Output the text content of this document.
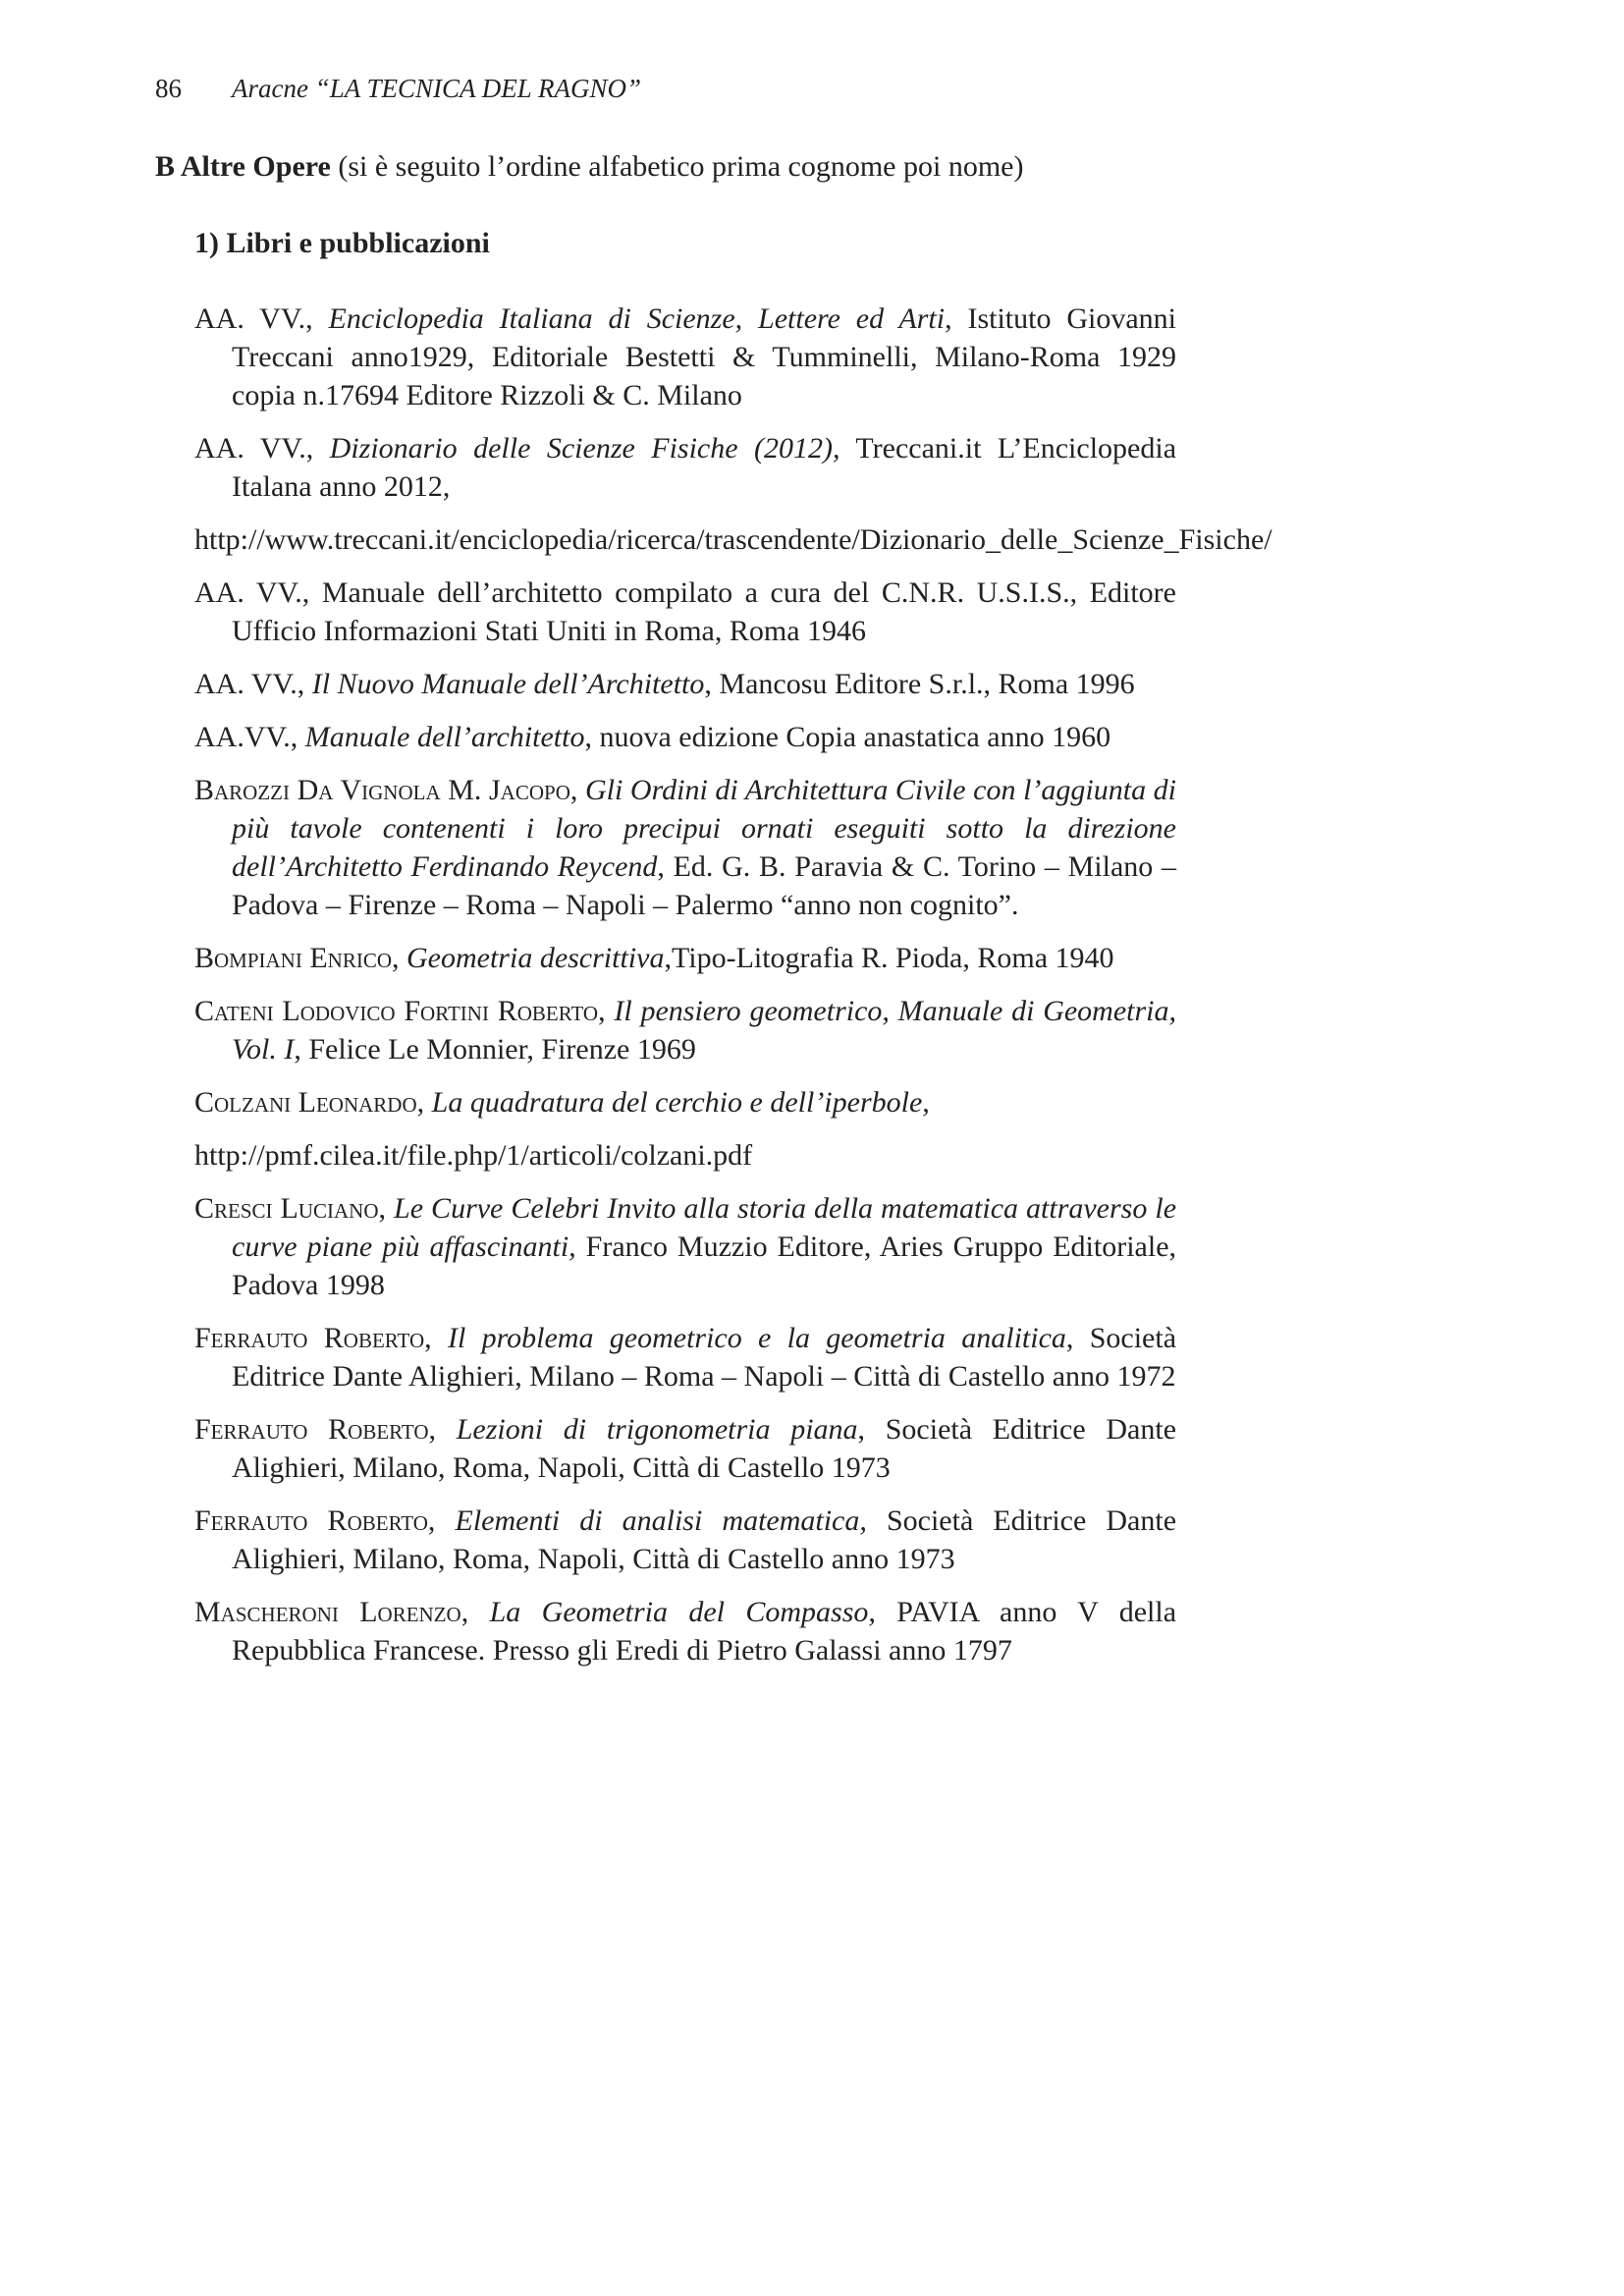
86 Aracne “LA TECNICA DEL RAGNO”
B Altre Opere (si è seguito l’ordine alfabetico prima cognome poi nome)
1) Libri e pubblicazioni
AA. VV., Enciclopedia Italiana di Scienze, Lettere ed Arti, Istituto Giovanni Treccani anno1929, Editoriale Bestetti & Tumminelli, Milano-Roma 1929 copia n.17694 Editore Rizzoli & C. Milano
AA. VV., Dizionario delle Scienze Fisiche (2012), Treccani.it L’Enciclopedia Italana anno 2012,
http://www.treccani.it/enciclopedia/ricerca/trascendente/Dizionario_delle_Scienze_Fisiche/
AA. VV., Manuale dell’architetto compilato a cura del C.N.R. U.S.I.S., Editore Ufficio Informazioni Stati Uniti in Roma, Roma 1946
AA. VV., Il Nuovo Manuale dell’Architetto, Mancosu Editore S.r.l., Roma 1996
AA.VV., Manuale dell’architetto, nuova edizione Copia anastatica anno 1960
Barozzi Da Vignola M. Jacopo, Gli Ordini di Architettura Civile con l’aggiunta di più tavole contenenti i loro precipui ornati eseguiti sotto la direzione dell’Architetto Ferdinando Reycend, Ed. G. B. Paravia & C. Torino – Milano – Padova – Firenze – Roma – Napoli – Palermo “anno non cognito”.
Bompiani Enrico, Geometria descrittiva,Tipo-Litografia R. Pioda, Roma 1940
Cateni Lodovico Fortini Roberto, Il pensiero geometrico, Manuale di Geometria, Vol. I, Felice Le Monnier, Firenze 1969
Colzani Leonardo, La quadratura del cerchio e dell’iperbole,
http://pmf.cilea.it/file.php/1/articoli/colzani.pdf
Cresci Luciano, Le Curve Celebri Invito alla storia della matematica attraverso le curve piane più affascinanti, Franco Muzzio Editore, Aries Gruppo Editoriale, Padova 1998
Ferrauto Roberto, Il problema geometrico e la geometria analitica, Società Editrice Dante Alighieri, Milano – Roma – Napoli – Città di Castello anno 1972
Ferrauto Roberto, Lezioni di trigonometria piana, Società Editrice Dante Alighieri, Milano, Roma, Napoli, Città di Castello 1973
Ferrauto Roberto, Elementi di analisi matematica, Società Editrice Dante Alighieri, Milano, Roma, Napoli, Città di Castello anno 1973
Mascheroni Lorenzo, La Geometria del Compasso, PAVIA anno V della Repubblica Francese. Presso gli Eredi di Pietro Galassi anno 1797
